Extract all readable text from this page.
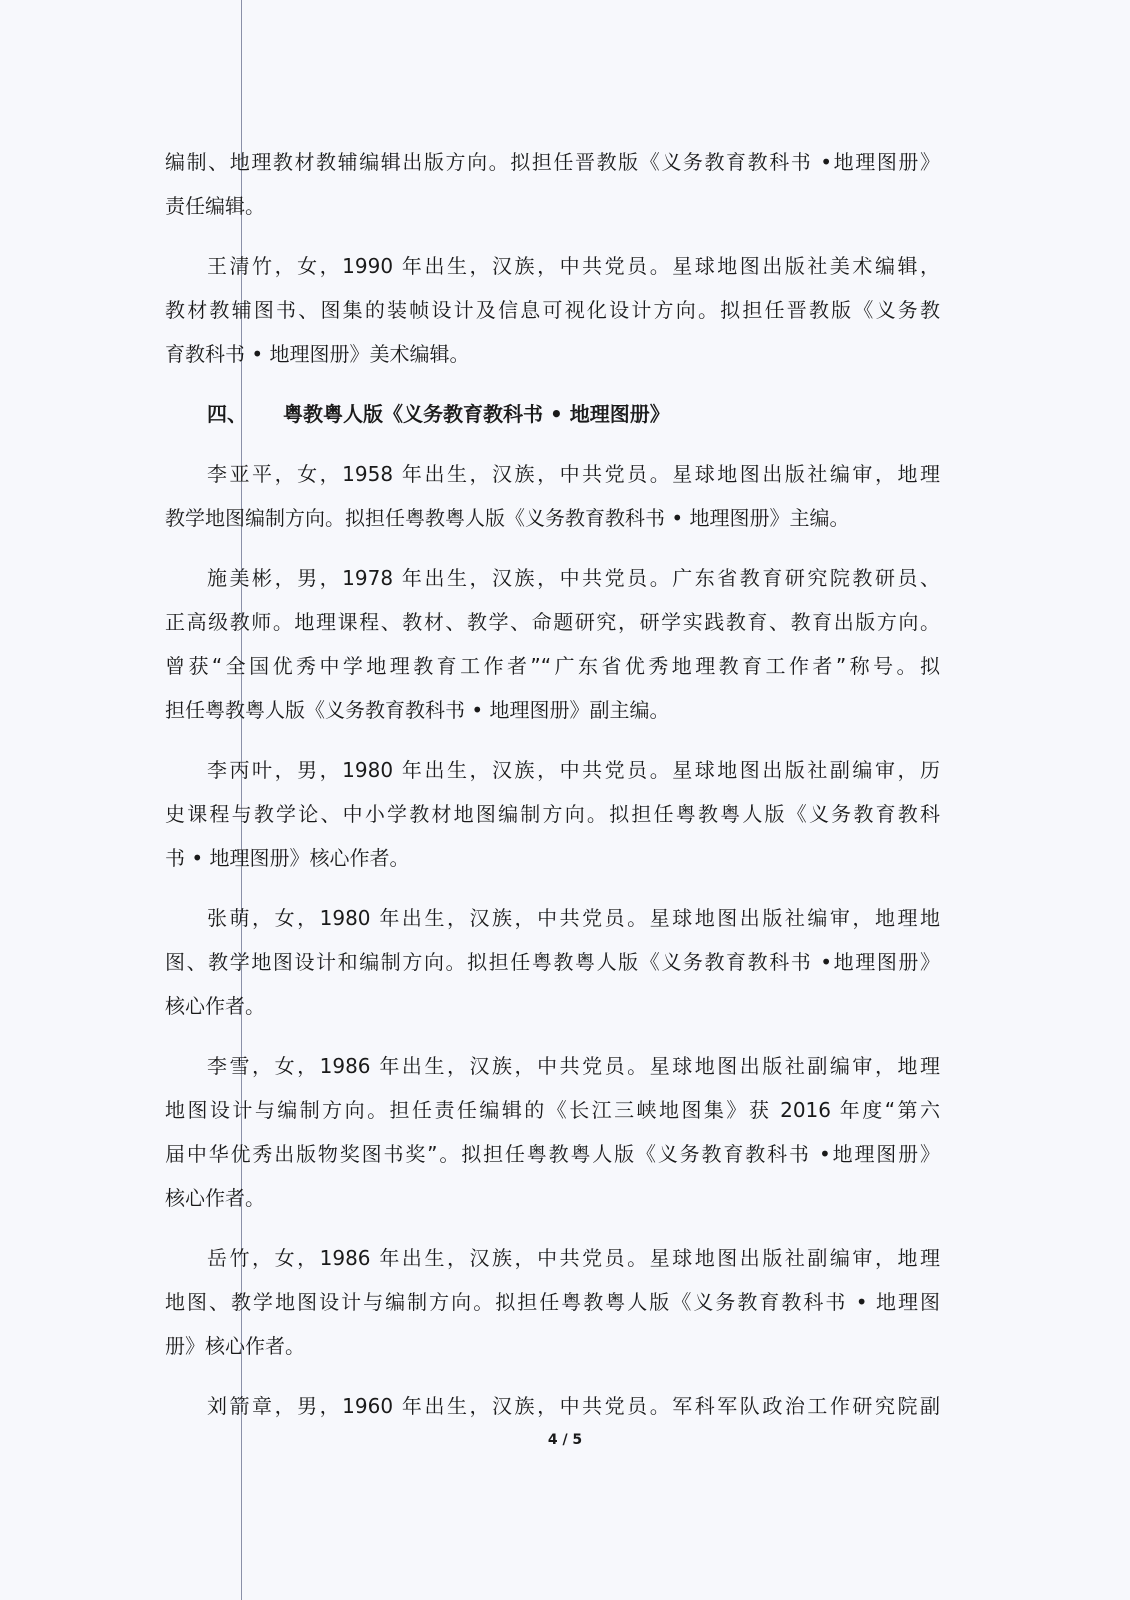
编制、地理教材教辅编辑出版方向。拟担任晋教版《义务教育教科书 •地理图册》
责任编辑。
王清竹，女，1990 年出生，汉族，中共党员。星球地图出版社美术编辑，
教材教辅图书、图集的装帧设计及信息可视化设计方向。拟担任晋教版《义务教
育教科书 • 地理图册》美术编辑。
四、 粤教粤人版《义务教育教科书 • 地理图册》
李亚平，女，1958 年出生，汉族，中共党员。星球地图出版社编审，地理
教学地图编制方向。拟担任粤教粤人版《义务教育教科书 • 地理图册》主编。
施美彬，男，1978 年出生，汉族，中共党员。广东省教育研究院教研员、
正高级教师。地理课程、教材、教学、命题研究，研学实践教育、教育出版方向。
曾获“全国优秀中学地理教育工作者”“广东省优秀地理教育工作者”称号。拟
担任粤教粤人版《义务教育教科书 • 地理图册》副主编。
李丙叶，男，1980 年出生，汉族，中共党员。星球地图出版社副编审，历
史课程与教学论、中小学教材地图编制方向。拟担任粤教粤人版《义务教育教科
书 • 地理图册》核心作者。
张萌，女，1980 年出生，汉族，中共党员。星球地图出版社编审，地理地
图、教学地图设计和编制方向。拟担任粤教粤人版《义务教育教科书 •地理图册》
核心作者。
李雪，女，1986 年出生，汉族，中共党员。星球地图出版社副编审，地理
地图设计与编制方向。担任责任编辑的《长江三峡地图集》获 2016 年度“第六
届中华优秀出版物奖图书奖”。拟担任粤教粤人版《义务教育教科书 •地理图册》
核心作者。
岳竹，女，1986 年出生，汉族，中共党员。星球地图出版社副编审，地理
地图、教学地图设计与编制方向。拟担任粤教粤人版《义务教育教科书 • 地理图
册》核心作者。
刘箭章，男，1960 年出生，汉族，中共党员。军科军队政治工作研究院副
4 / 5
